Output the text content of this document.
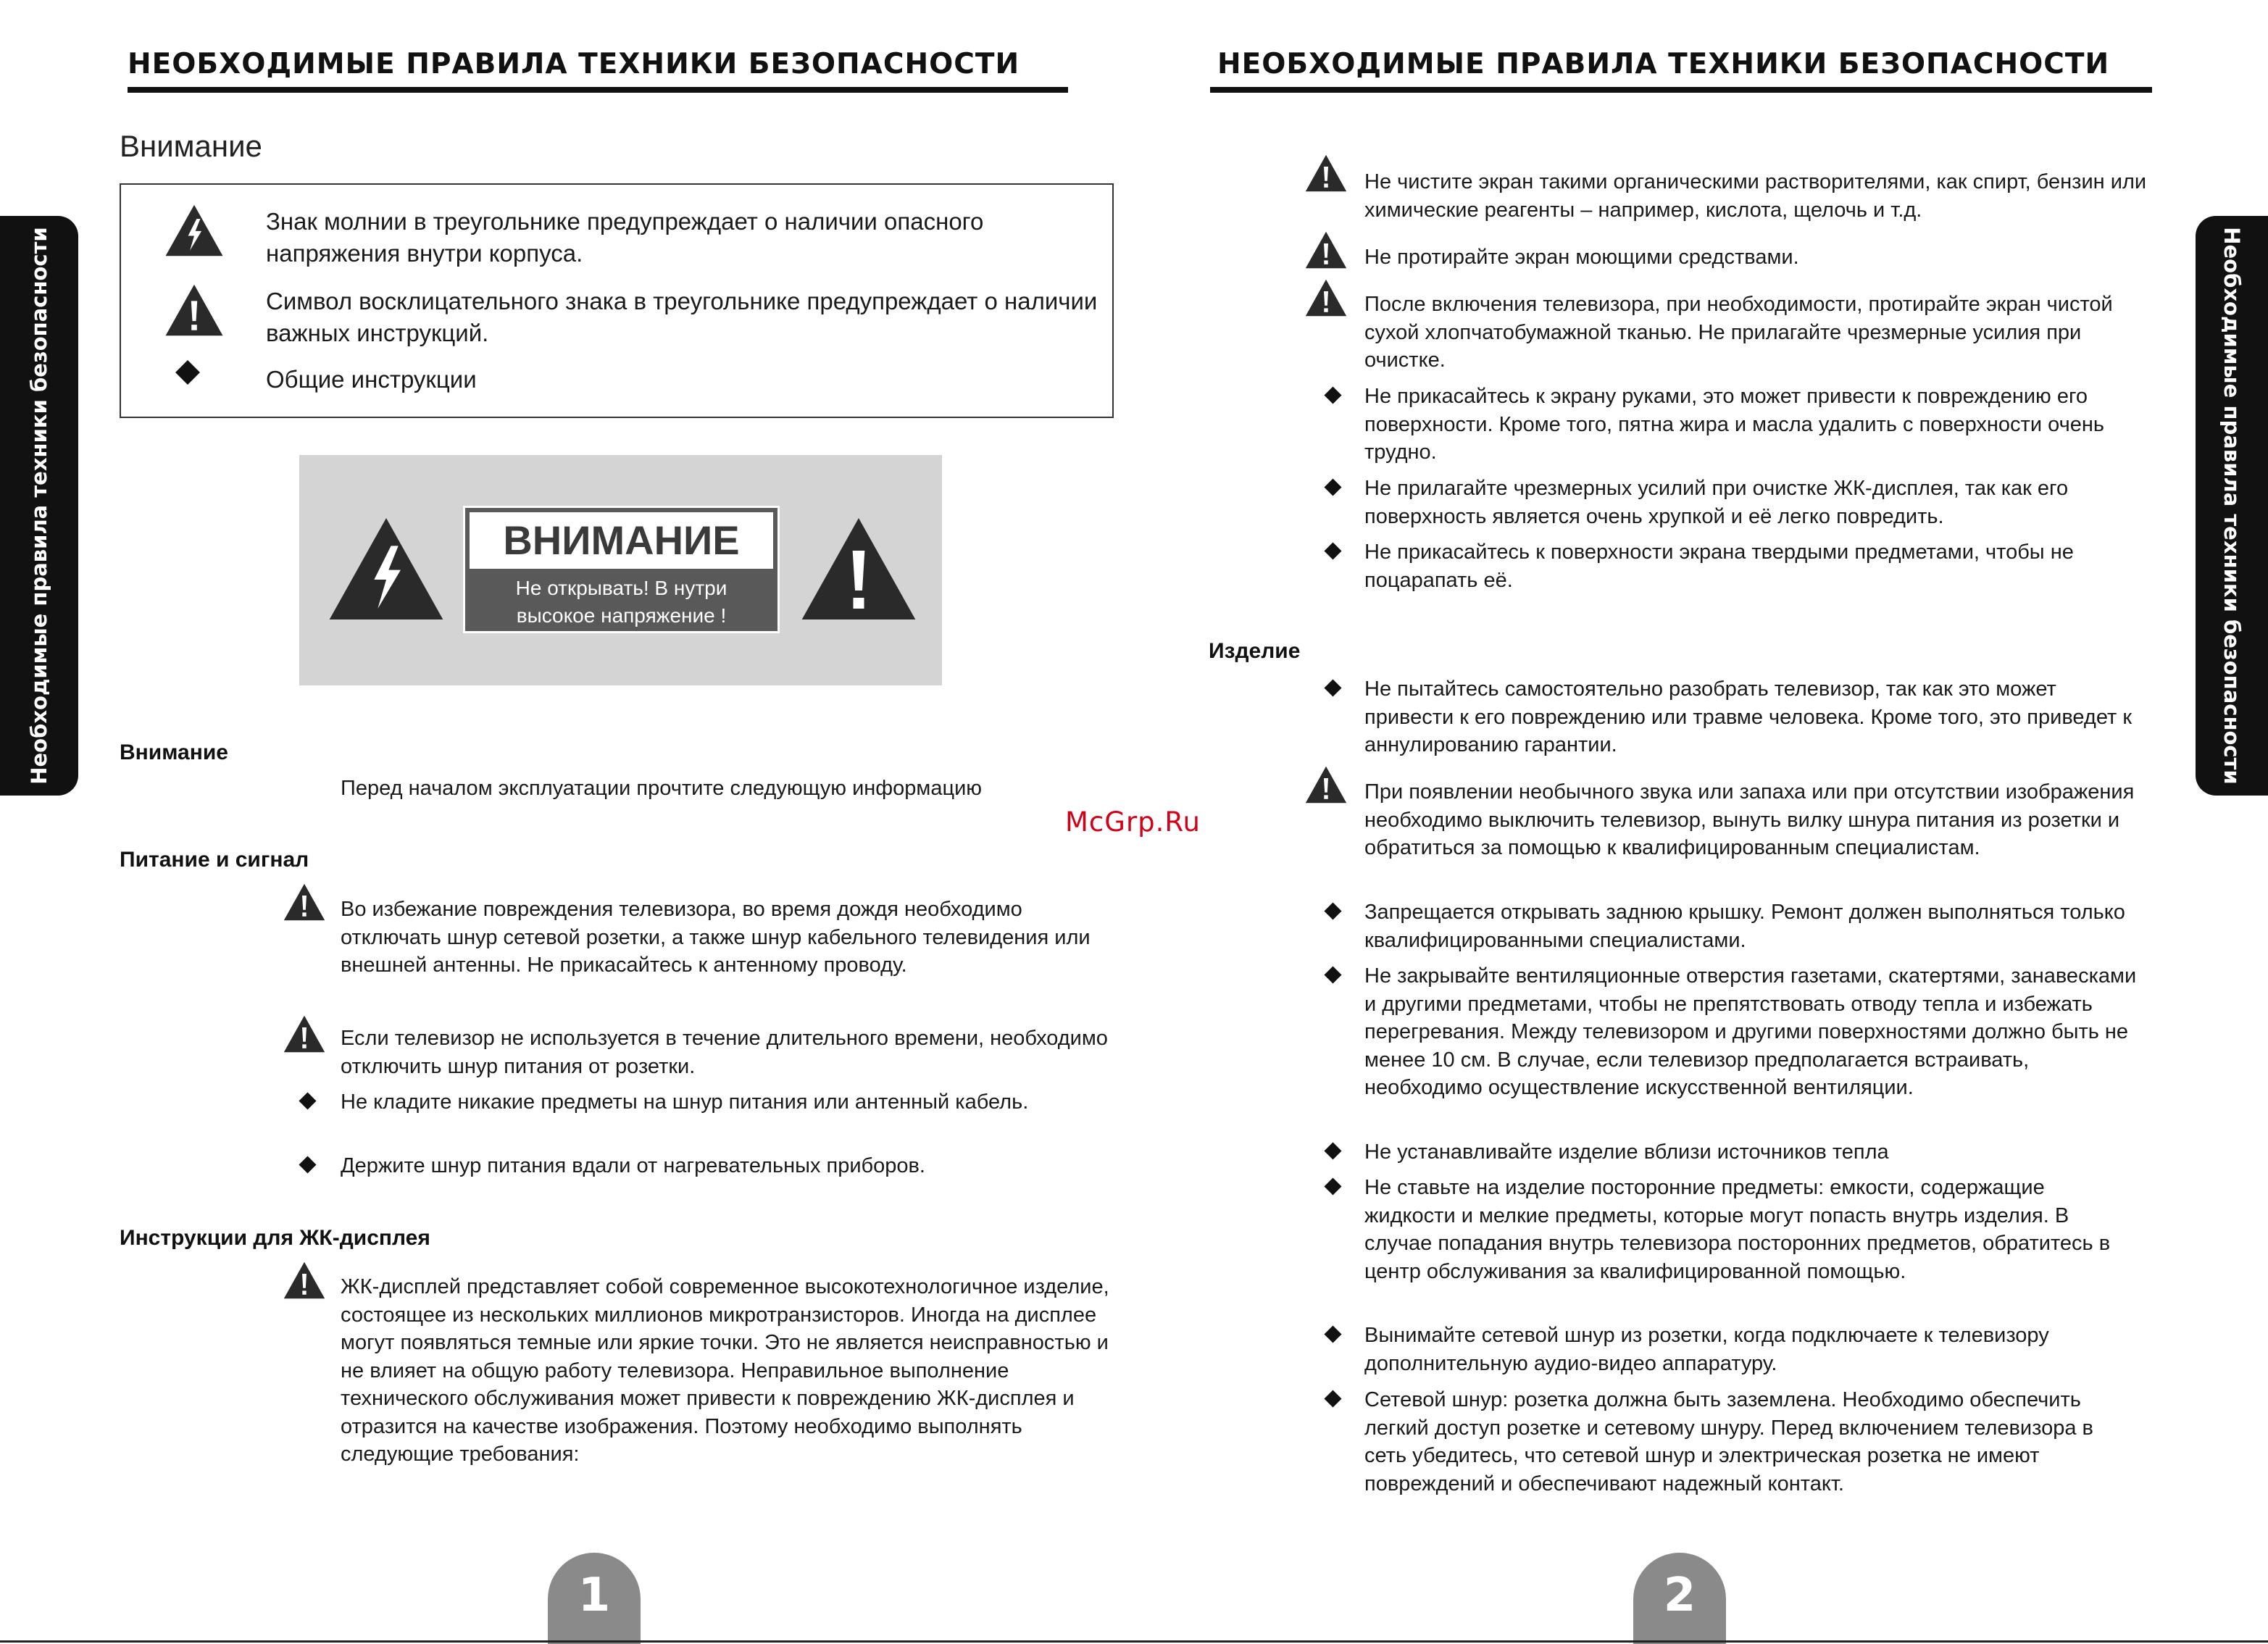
НЕОБХОДИМЫЕ ПРАВИЛА ТЕХНИКИ БЕЗОПАСНОСТИ	НЕОБХОДИМЫЕ ПРАВИЛА ТЕХНИКИ БЕЗОПАСНОСТИ
Необходимые правила техники безопасности	Необходимые правила техники безопасности
Внимание
Знак молнии в треугольнике предупреждает о наличии опасного напряжения внутри корпуса.
Символ восклицательного знака в треугольнике предупреждает о наличии важных инструкций.
Общие инструкции
ВНИМАНИЕ
Не открывать! В нутри
высокое напряжение !
Внимание
Перед началом эксплуатации прочтите следующую информацию
Питание и сигнал
Во избежание повреждения телевизора, во время дождя необходимо отключать шнур сетевой розетки, а также шнур кабельного телевидения или внешней антенны. Не прикасайтесь к антенному проводу.
Если телевизор не используется в течение длительного времени, необходимо отключить шнур питания от розетки.
Не кладите никакие предметы на шнур питания или антенный кабель.
Держите шнур питания вдали от нагревательных приборов.
Инструкции для ЖК-дисплея
ЖК-дисплей представляет собой современное высокотехнологичное изделие, состоящее из нескольких миллионов микротранзисторов. Иногда на дисплее могут появляться темные или яркие точки. Это не является неисправностью и не влияет на общую работу телевизора. Неправильное выполнение технического обслуживания может привести к повреждению ЖК-дисплея и отразится на качестве изображения. Поэтому необходимо выполнять следующие требования:
McGrp.Ru
Не чистите экран такими органическими растворителями, как спирт, бензин или химические реагенты – например, кислота, щелочь и т.д.
Не протирайте экран моющими средствами.
После включения телевизора, при необходимости, протирайте экран чистой сухой хлопчатобумажной тканью. Не прилагайте чрезмерные усилия при очистке.
Не прикасайтесь к экрану руками, это может привести к повреждению его поверхности. Кроме того, пятна жира и масла удалить с поверхности очень трудно.
Не прилагайте чрезмерных усилий при очистке ЖК-дисплея, так как его поверхность является очень хрупкой и её легко повредить.
Не прикасайтесь к поверхности экрана твердыми предметами, чтобы не поцарапать её.
Изделие
Не пытайтесь самостоятельно разобрать телевизор, так как это может привести к его повреждению или травме человека. Кроме того, это приведет к аннулированию гарантии.
При появлении необычного звука или запаха или при отсутствии изображения необходимо выключить телевизор, вынуть вилку шнура питания из розетки и обратиться за помощью к квалифицированным специалистам.
Запрещается открывать заднюю крышку. Ремонт должен выполняться только квалифицированными специалистами.
Не закрывайте вентиляционные отверстия газетами, скатертями, занавесками и другими предметами, чтобы не препятствовать отводу тепла и избежать перегревания. Между телевизором и другими поверхностями должно быть не менее 10 см. В случае, если телевизор предполагается встраивать, необходимо осуществление искусственной вентиляции.
Не устанавливайте изделие вблизи источников тепла
Не ставьте на изделие посторонние предметы: емкости, содержащие жидкости и мелкие предметы, которые могут попасть внутрь изделия. В случае попадания внутрь телевизора посторонних предметов, обратитесь в центр обслуживания за квалифицированной помощью.
Вынимайте сетевой шнур из розетки, когда подключаете к телевизору дополнительную аудио-видео аппаратуру.
Сетевой шнур: розетка должна быть заземлена. Необходимо обеспечить легкий доступ розетке и сетевому шнуру. Перед включением телевизора в сеть убедитесь, что сетевой шнур и электрическая розетка не имеют повреждений и обеспечивают надежный контакт.
1	2
